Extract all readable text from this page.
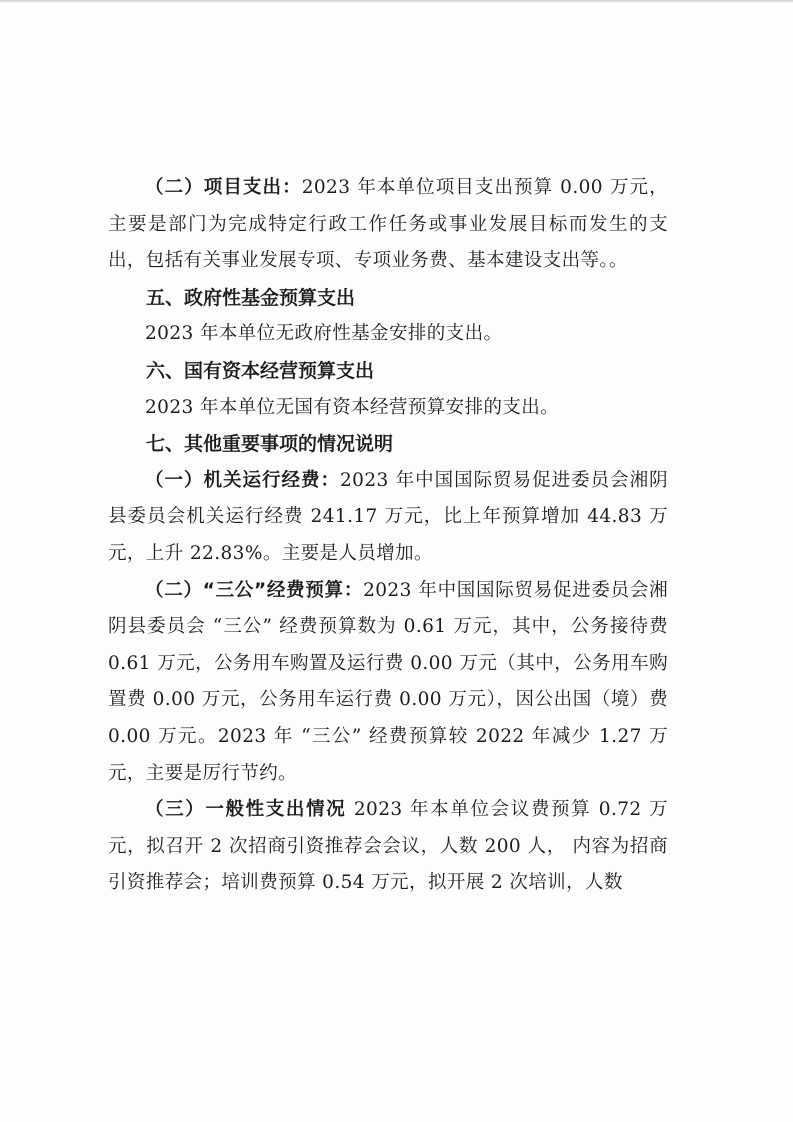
（二）项目支出：2023 年本单位项目支出预算 0.00 万元，主要是部门为完成特定行政工作任务或事业发展目标而发生的支出，包括有关事业发展专项、专项业务费、基本建设支出等。。

五、政府性基金预算支出

2023 年本单位无政府性基金安排的支出。

六、国有资本经营预算支出

2023 年本单位无国有资本经营预算安排的支出。

七、其他重要事项的情况说明

（一）机关运行经费：2023 年中国国际贸易促进委员会湘阴县委员会机关运行经费 241.17 万元，比上年预算增加 44.83 万元，上升 22.83%。主要是人员增加。

（二）“三公”经费预算：2023 年中国国际贸易促进委员会湘阴县委员会 “三公” 经费预算数为 0.61 万元，其中，公务接待费 0.61 万元，公务用车购置及运行费 0.00 万元（其中，公务用车购置费 0.00 万元，公务用车运行费 0.00 万元），因公出国（境）费 0.00 万元。2023 年 “三公” 经费预算较 2022 年减少 1.27 万元，主要是厉行节约。

（三）一般性支出情况 2023 年本单位会议费预算 0.72 万元，拟召开 2 次招商引资推荐会会议，人数 200 人， 内容为招商引资推荐会；培训费预算 0.54 万元，拟开展 2 次培训，人数
